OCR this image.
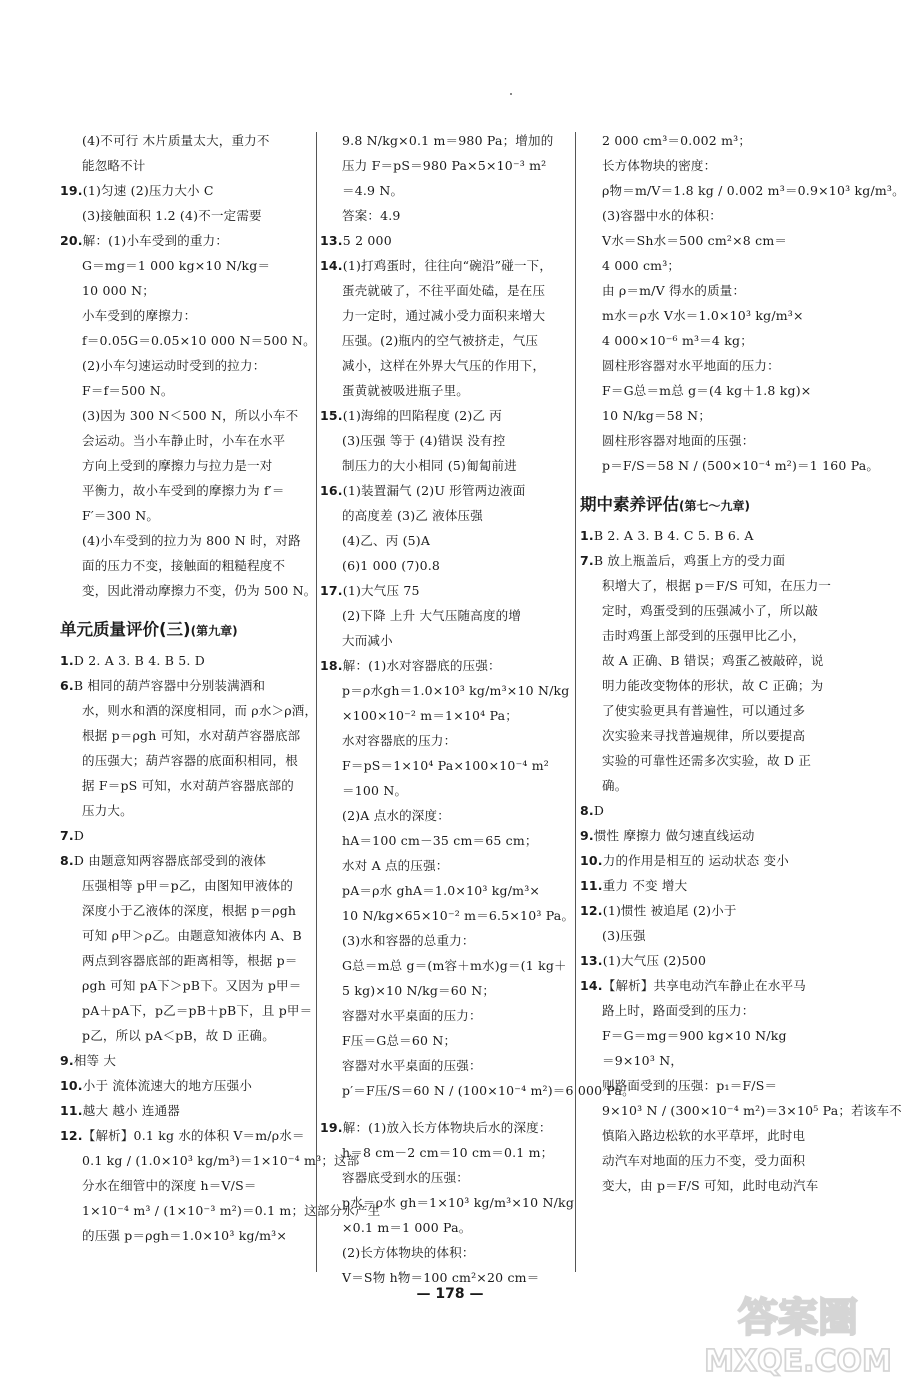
(4)不可行 木片质量太大，重力不
能忽略不计
19.(1)匀速 (2)压力大小 C
(3)接触面积 1.2 (4)不一定需要
20.解：(1)小车受到的重力：
G＝mg＝1 000 kg×10 N/kg＝
10 000 N；
小车受到的摩擦力：
f＝0.05G＝0.05×10 000 N＝500 N。
(2)小车匀速运动时受到的拉力：
F＝f＝500 N。
(3)因为 300 N＜500 N，所以小车不
会运动。当小车静止时，小车在水平
方向上受到的摩擦力与拉力是一对
平衡力，故小车受到的摩擦力为 f′＝
F′＝300 N。
(4)小车受到的拉力为 800 N 时，对路
面的压力不变，接触面的粗糙程度不
变，因此滑动摩擦力不变，仍为 500 N。
单元质量评价(三)(第九章)
1.D 2. A 3. B 4. B 5. D
6.B 相同的葫芦容器中分别装满酒和
水，则水和酒的深度相同，而 ρ水＞ρ酒，
根据 p＝ρgh 可知，水对葫芦容器底部
的压强大；葫芦容器的底面积相同，根
据 F＝pS 可知，水对葫芦容器底部的
压力大。
7.D
8.D 由题意知两容器底部受到的液体
压强相等 p甲＝p乙，由图知甲液体的
深度小于乙液体的深度，根据 p＝ρgh
可知 ρ甲＞ρ乙。由题意知液体内 A、B
两点到容器底部的距离相等，根据 p＝
ρgh 可知 pA下＞pB下。又因为 p甲＝
pA＋pA下，p乙＝pB＋pB下，且 p甲＝
p乙，所以 pA＜pB，故 D 正确。
9.相等 大
10.小于 流体流速大的地方压强小
11.越大 越小 连通器
12.【解析】0.1 kg 水的体积 V＝m/ρ水＝
0.1 kg / (1.0×10³ kg/m³)＝1×10⁻⁴ m³；这部
分水在细管中的深度 h＝V/S＝
1×10⁻⁴ m³ / (1×10⁻³ m²)＝0.1 m；这部分水产生
的压强 p＝ρgh＝1.0×10³ kg/m³×
9.8 N/kg×0.1 m＝980 Pa；增加的
压力 F＝pS＝980 Pa×5×10⁻³ m²
＝4.9 N。
答案：4.9
13.5 2 000
14.(1)打鸡蛋时，往往向“碗沿”碰一下，
蛋壳就破了，不往平面处磕，是在压
力一定时，通过减小受力面积来增大
压强。(2)瓶内的空气被挤走，气压
减小，这样在外界大气压的作用下，
蛋黄就被吸进瓶子里。
15.(1)海绵的凹陷程度 (2)乙 丙
(3)压强 等于 (4)错误 没有控
制压力的大小相同 (5)匍匐前进
16.(1)装置漏气 (2)U 形管两边液面
的高度差 (3)乙 液体压强
(4)乙、丙 (5)A
(6)1 000 (7)0.8
17.(1)大气压 75
(2)下降 上升 大气压随高度的增
大而减小
18.解：(1)水对容器底的压强：
p＝ρ水gh＝1.0×10³ kg/m³×10 N/kg
×100×10⁻² m＝1×10⁴ Pa；
水对容器底的压力：
F＝pS＝1×10⁴ Pa×100×10⁻⁴ m²
＝100 N。
(2)A 点水的深度：
hA＝100 cm－35 cm＝65 cm；
水对 A 点的压强：
pA＝ρ水 ghA＝1.0×10³ kg/m³×
10 N/kg×65×10⁻² m＝6.5×10³ Pa。
(3)水和容器的总重力：
G总＝m总 g＝(m容＋m水)g＝(1 kg＋
5 kg)×10 N/kg＝60 N；
容器对水平桌面的压力：
F压＝G总＝60 N；
容器对水平桌面的压强：
p′＝F压/S＝60 N / (100×10⁻⁴ m²)＝6 000 Pa。
19.解：(1)放入长方体物块后水的深度：
h＝8 cm－2 cm＝10 cm＝0.1 m；
容器底受到水的压强：
p水＝ρ水 gh＝1×10³ kg/m³×10 N/kg
×0.1 m＝1 000 Pa。
(2)长方体物块的体积：
V＝S物 h物＝100 cm²×20 cm＝
2 000 cm³＝0.002 m³；
长方体物块的密度：
ρ物＝m/V＝1.8 kg / 0.002 m³＝0.9×10³ kg/m³。
(3)容器中水的体积：
V水＝Sh水＝500 cm²×8 cm＝
4 000 cm³；
由 ρ＝m/V 得水的质量：
m水＝ρ水 V水＝1.0×10³ kg/m³×
4 000×10⁻⁶ m³＝4 kg；
圆柱形容器对水平地面的压力：
F＝G总＝m总 g＝(4 kg＋1.8 kg)×
10 N/kg＝58 N；
圆柱形容器对地面的压强：
p＝F/S＝58 N / (500×10⁻⁴ m²)＝1 160 Pa。
期中素养评估(第七～九章)
1.B 2. A 3. B 4. C 5. B 6. A
7.B 放上瓶盖后，鸡蛋上方的受力面
积增大了，根据 p＝F/S 可知，在压力一
定时，鸡蛋受到的压强减小了，所以敲
击时鸡蛋上部受到的压强甲比乙小，
故 A 正确、B 错误；鸡蛋乙被敲碎，说
明力能改变物体的形状，故 C 正确；为
了使实验更具有普遍性，可以通过多
次实验来寻找普遍规律，所以要提高
实验的可靠性还需多次实验，故 D 正
确。
8.D
9.惯性 摩擦力 做匀速直线运动
10.力的作用是相互的 运动状态 变小
11.重力 不变 增大
12.(1)惯性 被追尾 (2)小于
(3)压强
13.(1)大气压 (2)500
14.【解析】共享电动汽车静止在水平马
路上时，路面受到的压力：
F＝G＝mg＝900 kg×10 N/kg
＝9×10³ N，
则路面受到的压强：p₁＝F/S＝
9×10³ N / (300×10⁻⁴ m²)＝3×10⁵ Pa；若该车不
慎陷入路边松软的水平草坪，此时电
动汽车对地面的压力不变，受力面积
变大，由 p＝F/S 可知，此时电动汽车
— 178 —
答案圈
MXQE.COM
